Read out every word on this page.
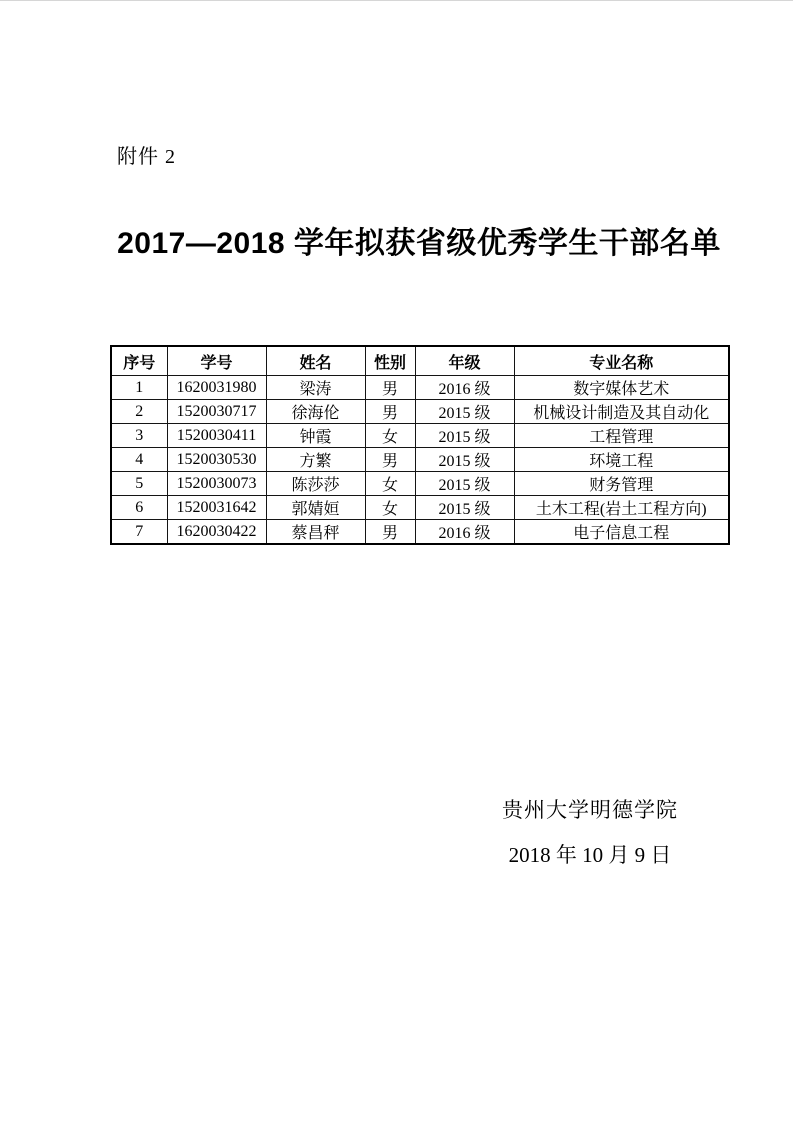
附件 2
2017—2018 学年拟获省级优秀学生干部名单
序号	学号	姓名	性别	年级	专业名称
1	1620031980	梁涛	男	2016 级	数字媒体艺术
2	1520030717	徐海伦	男	2015 级	机械设计制造及其自动化
3	1520030411	钟霞	女	2015 级	工程管理
4	1520030530	方繁	男	2015 级	环境工程
5	1520030073	陈莎莎	女	2015 级	财务管理
6	1520031642	郭婧姮	女	2015 级	土木工程(岩土工程方向)
7	1620030422	蔡昌秤	男	2016 级	电子信息工程
贵州大学明德学院
2018 年 10 月 9 日
